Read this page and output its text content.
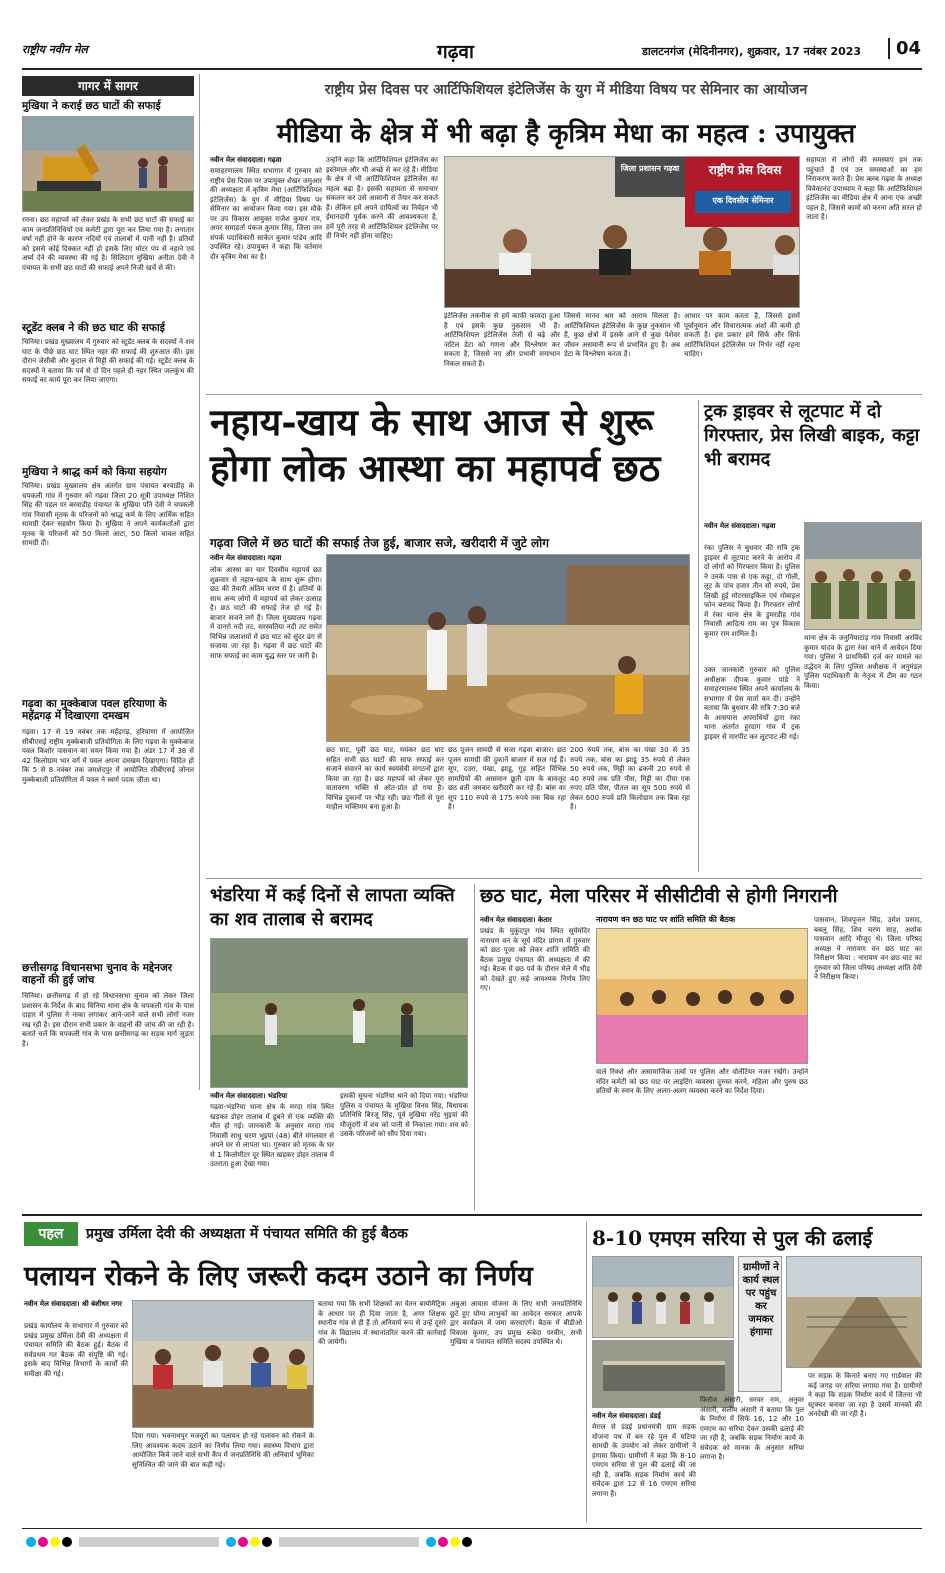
राष्ट्रीय नवीन मेल	गढ़वा	डालटनगंज (मेदिनीनगर), शुक्रवार, 17 नवंबर 2023	04
गागर में सागर
मुखिया ने कराई छठ घाटों की सफाई
रमना। छठ महापर्व को लेकर प्रखंड के सभी छठ घाटों की सफाई का काम जनप्रतिनिधियों एवं कमेटी द्वारा पूरा कर लिया गया है। लगातार वर्षा नहीं होने के कारण नदियों एवं तालाबों में पानी नहीं है। व्रतियों को इससे कोई दिक्कत नहीं हो इसके लिए मोटर पंप से नहाने एवं अर्घ्य देने की व्यवस्था की गई है। सिलिदाग मुखिया अनीता देवी ने पंचायत के सभी छठ घाटों की सफाई अपने निजी खर्चे से की।
स्टूडेंट क्लब ने की छठ घाट की सफाई
चिनिया। प्रखंड मुख्यालय में गुरुवार को स्टूडेंट क्लब के सदस्यों ने शव घाट के पीछे छठ घाट स्थित नहर की सफाई की शुरुआत की। इस दौरान जेसीबी और कुदाल से मिट्टी की सफाई की गई। स्टूडेंट क्लब के सदस्यों ने बताया कि पर्व से दो दिन पहले ही नहर स्थित जलकुंभ की सफाई का कार्य पूरा कर लिया जाएगा।
मुखिया ने श्राद्ध कर्म को किया सहयोग
चिनिया। प्रखंड मुख्यालय क्षेत्र अंतर्गत ग्राम पंचायत बरवाडीह के चपकली गांव में गुरुवार को गढ़वा जिला 20 सूत्री उपाध्यक्ष निशित सिंह की पहल पर बरवाडीह पंचायत के मुखिया पति देवी ने चपकली गांव निवासी मृतक के परिजनों को श्राद्ध कर्म के लिए आर्थिक सहित सामग्री देकर सहयोग किया है। मुखिया ने अपने कार्यकर्ताओं द्वारा मृतक के परिजनों को 50 किलो आटा, 50 किलो चावल सहित सामग्री दी।
गढ़वा का मुक्केबाज पवल हरियाणा के महेंद्रगढ़ में दिखाएगा दमखम
गढ़वा। 17 से 19 नवंबर तक महेंद्रगढ़, हरियाणा में आयोजित सीबीएसई राष्ट्रीय मुक्केबाजी प्रतियोगिता के लिए गढ़वा के मुक्केबाज पवल किशोर पासवान का चयन किया गया है। अंडर 17 में 38 से 42 किलोग्राम भार वर्ग में पवल अपना दमखम दिखाएगा। विदित हो कि 5 से 8 नवंबर तक जमशेदपुर में आयोजित सीबीएसई जोनल मुक्केबाजी प्रतियोगिता में पवल ने स्वर्ण पदक जीता था।
छत्तीसगढ़ विधानसभा चुनाव के मद्देनजर वाहनों की हुई जांच
चिनिया। छत्तीसगढ़ में हो रहे विधानसभा चुनाव को लेकर जिला प्रशासन के निर्देश के बाद चिनिया थाना क्षेत्र के चपकली गांव के पास दाहार में पुलिस ने नाका लगाकर आने-जाने वाले सभी लोगों नजर रख रही है। इस दौरान सभी प्रकार के वाहनों की जांच की जा रही है। बताते चलें कि चपकली गांव के पास छत्तीसगढ़ का सड़क मार्ग जुड़ता है।
राष्ट्रीय प्रेस दिवस पर आर्टिफिशियल इंटेलिजेंस के युग में मीडिया विषय पर सेमिनार का आयोजन
मीडिया के क्षेत्र में भी बढ़ा है कृत्रिम मेधा का महत्व : उपायुक्त
नवीन मेल संवाददाता। गढ़वा
समाहरणालय स्थित सभागार में गुरुवार को राष्ट्रीय प्रेस दिवस पर उपायुक्त शेखर जमुआर की अध्यक्षता में कृत्रिम मेधा (आर्टिफिशियल इंटेलिजेंस) के युग में मीडिया विषय पर सेमिनार का आयोजन किया गया। इस मौके पर उप विकास आयुक्त राजेश कुमार राय, अपर समाहर्ता पंकज कुमार सिंह, जिला जन संपर्क पदाधिकारी साकेत कुमार पांडेय आदि उपस्थित रहे। उपायुक्त ने कहा कि वर्तमान दौर कृत्रिम मेधा का है।
उन्होंने कहा कि आर्टिफिशियल इंटेलिजेंस का इस्तेमाल और भी अच्छे से कर रहे हैं। मीडिया के क्षेत्र में भी आर्टिफिशियल इंटेलिजेंस का महत्व बढ़ा है। इसकी सहायता से समाचार संकलन कर उसे आसानी से तैयार कर सकते हैं। लेकिन हमें अपने दायित्वों का निर्वहन भी ईमानदारी पूर्वक करने की आवश्यकता है, हमें पूरी तरह से आर्टिफिशियल इंटेलिजेंस पर ही निर्भर नहीं होना चाहिए।
राष्ट्रीय प्रेस दिवस
एक दिवसीय सेमिनार
जिला प्रशासन गढ़वा
इंटेलिजेंस तकनीक से हमें काफी फायदा हुआ है एवं इसके कुछ नुकसान भी हैं। आर्टिफिशियल इंटेलिजेंस तेजी से बढ़े और जटिल डेटा को गणना और विश्लेषण कर सकता है, जिससे नए और प्रभावी समाधान निकल सकते हैं।
जिससे मानव श्रम को आराम मिलता है। आर्टिफिशियल इंटेलिजेंस के कुछ नुकसान भी हैं, कुछ क्षेत्रों में इसके आने से कुछ पेशेवर जीवन असमानी रूप से प्रभावित हुए हैं। अब डेटा के विश्लेषण करता है।
आधार पर काम करता है, जिससे इसमें पूर्वानुमान और विचारात्मक अंशों की कमी हो सकती है। इस प्रकार हमें सिर्फ और सिर्फ आर्टिफिशियल इंटेलिजेंस पर निर्भर नहीं रहना चाहिए।
सहायता से लोगों की समस्याएं हम तक पहुंचाते हैं एवं उन समस्याओं का हम निराकरण करते हैं। प्रेस क्लब गढ़वा के अध्यक्ष विवेकानंद उपाध्याय ने कहा कि आर्टिफिशियल इंटेलिजेंस का मीडिया क्षेत्र में आना एक अच्छी पहल है, जिससे कामों को करना अति सरल हो जाता है।
नहाय-खाय के साथ आज से शुरू
होगा लोक आस्था का महापर्व छठ
गढ़वा जिले में छठ घाटों की सफाई तेज हुई, बाजार सजे, खरीदारी में जुटे लोग
नवीन मेल संवाददाता। गढ़वा
लोक आस्था का चार दिवसीय महापर्व छठ शुक्रवार से नहाय-खाय के साथ शुरू होगा। छठ की तैयारी अंतिम चरण में है। व्रतियों के साथ अन्य लोगों में महापर्व को लेकर उत्साह है। छठ घाटों की सफाई तेज हो गई है। बाजार सजने लगे हैं। जिला मुख्यालय गढ़वा में दानरो नदी तट, सरस्वतिया नदी तट समेत विभिन्न जलाशयों में छठ घाट को सुंदर ढंग से सजाया जा रहा है। गढ़वा में छठ घाटों की साफ सफाई का काम युद्ध स्तर पर जारी है।
छठ घाट, पूर्वी छठ घाट, मयंकर छठ घाट सहित सभी छठ घाटों की साफ सफाई कर सजाने संवारने का कार्य स्वयंसेवी संगठनों द्वारा किया जा रहा है। छठ महापर्व को लेकर पूरा वातावरण भक्ति से ओत-प्रोत हो गया है। विभिन्न दुकानों पर भीड़ रही। छठ गीतों से पूरा माहौल भक्तिमय बना हुआ है।
छठ पूजन सामग्री से सजा गढ़वा बाजार। छठ पूजन सामग्री की दुकानें बाजार में सज गई हैं। सूप, दउरा, पंखा, झाडू, गुड़ सहित विभिन्न सामग्रियों की आसमान छूती दाम के बावजूद छठ व्रती जमकर खरीदारी कर रहे हैं। बांस का सूप 110 रुपये से 175 रुपये तक बिक रहा है।
200 रुपये तक, बांस का पंखा 30 से 35 रुपये तक, बांस का झाडू 35 रुपये से लेकर 50 रुपये तक, मिट्टी का ढकनी 20 रुपये से 40 रुपये तक प्रति पीस, मिट्टी का दीया एक रुपए प्रति पीस, पीतल का सूप 500 रुपये से लेकर 600 रुपये प्रति किलोग्राम तक बिक रहा है।
ट्रक ड्राइवर से लूटपाट में दो गिरफ्तार, प्रेस लिखी बाइक, कट्टा भी बरामद
नवीन मेल संवाददाता। गढ़वा
रंका पुलिस ने बुधवार की रात्रि ट्रक ड्राइवर से लूटपाट करने के आरोप में दो लोगों को गिरफ्तार किया है। पुलिस ने उनके पास से एक कट्टा, दो गोली, लूट के पांच हजार तीन सौ रुपये, प्रेस लिखी हुई मोटरसाइकिल एवं मोबाइल फोन बरामद किया है। गिरफ्तार लोगों में रंका थाना क्षेत्र के डुमरडीह गांव निवासी आदित्य राम का पुत्र विकास कुमार राम शामिल है।
उक्त जानकारी गुरुवार को पुलिस अधीक्षक दीपक कुमार पांडे ने समाहरणालय स्थित अपने कार्यालय के सभागार में प्रेस वार्ता कर दी। उन्होंने बताया कि बुधवार की रात्रि 7:30 बजे के आसपास अपराधियों द्वारा रंका थाना अंतर्गत हुरदाग गांव में ट्रक ड्राइवर से मारपीट कर लूटपाट की गई।
थाना क्षेत्र के जनुनियाटांड़ गांव निवासी अरविंद कुमार यादव के द्वारा रंका थाने में आवेदन दिया गया। पुलिस ने प्राथमिकी दर्ज कर मामले का उद्भेदन के लिए पुलिस अधीक्षक ने अनुमंडल पुलिस पदाधिकारी के नेतृत्व में टीम का गठन किया।
भंडरिया में कई दिनों से लापता व्यक्ति का शव तालाब से बरामद
नवीन मेल संवाददाता। भंडरिया
गढ़वा-भंडरिया थाना क्षेत्र के मरदा गांव स्थित खड़कर डोहर तालाब में डूबने से एक व्यक्ति की मौत हो गई। जानकारी के अनुसार मरदा गांव निवासी साधु चरण भुइयां (48) बीते मंगलवार से अपने घर से लापता था। गुरुवार को मृतक के घर से 1 किलोमीटर दूर स्थित खड़कर डोहर तालाब में उतराता हुआ देखा गया।
इसकी सूचना भंडरिया थाने को दिया गया। भंडरिया पुलिस व पंचायत के मुखिया विनय सिंह, विधायक प्रतिनिधि बिरजू सिंह, पूर्व मुखिया नरेंद्र भुइयां की मौजूदगी में शव को पानी से निकाला गया। शव को उसके परिजनों को सौंप दिया गया।
छठ घाट, मेला परिसर में सीसीटीवी से होगी निगरानी
नवीन मेल संवाददाता। केतार
प्रखंड के मुकुंदपुर गांव स्थित सूर्यमंदिर नारायण वन के सूर्य मंदिर प्रांगण में गुरुवार को छठ पूजा को लेकर शांति समिति की बैठक प्रमुख पंचायत की अध्यक्षता में की गई। बैठक में छठ पर्व के दौरान मेले में भीड़ को देखते हुए कई आवश्यक निर्णय लिए गए।
नारायण वन छठ घाट पर शांति समिति की बैठक
वाले रिक्शे और असामाजिक तत्वों पर पुलिस और वोलेंटियर नजर रखेंगे। उन्होंने मंदिर कमेटी को छठ घाट पर लाइटिंग व्यवस्था दुरुस्त करने, महिला और पुरुष छठ व्रतियों के स्नान के लिए अलग-अलग व्यवस्था करने का निर्देश दिया।
पासवान, शिवपूजन सिंह, उमेश प्रसाद, बबलू सिंह, शिव चरण साह, अशोक पासवान आदि मौजूद थे। जिला परिषद अध्यक्ष ने नारायण वन छठ घाट का निरीक्षण किया : नारायण वन छठ घाट का गुरुवार को जिला परिषद अध्यक्षा शांति देवी ने निरीक्षण किया।
पहल	प्रमुख उर्मिला देवी की अध्यक्षता में पंचायत समिति की हुई बैठक
पलायन रोकने के लिए जरूरी कदम उठाने का निर्णय
नवीन मेल संवाददाता। श्री बंशीधर नगर
प्रखंड कार्यालय के सभागार में गुरुवार को प्रखंड प्रमुख उर्मिला देवी की अध्यक्षता में पंचायत समिति की बैठक हुई। बैठक में सर्वप्रथम गत बैठक की संपुष्टि की गई। इसके बाद विभिन्न विभागों के कार्यों की समीक्षा की गई।
दिया गया। भवनाथपुर मजदूरों का पलायन हो रहे पलायन को रोकने के लिए आवश्यक कदम उठाने का निर्णय लिया गया। स्वास्थ्य विभाग द्वारा आयोजित किये जाने वाले सभी कैंप में जनप्रतिनिधि की अनिवार्य भूमिका सुनिश्चित की जाने की बात कही गई।
बताया गया कि सभी शिक्षकों का वेतन बायोमैट्रिक के आधार पर ही दिया जाता है, अगर शिक्षक स्थानीय गांव से ही हैं तो अनिवार्य रूप से उन्हें दूसरे गांव के विद्यालय में स्थानांतरित करने की कार्रवाई की जायेगी।
अबुआ आवास योजना के लिए सभी जनप्रतिनिधि छूटे हुए योग्य लाभुकों का आवेदन सरकार आपके द्वार कार्यक्रम में जमा करवाएंगे। बैठक में बीडीओ विकास कुमार, उप प्रमुख रूबेदा परवीन, सभी मुखिया व पंचायत समिति सदस्य उपस्थित थे।
8-10 एमएम सरिया से पुल की ढलाई
ग्रामीणों ने कार्य स्थल पर पहुंच कर जमकर हंगामा
नवीन मेल संवाददाता। डंडई
मेराल से डंडई प्रधानमंत्री ग्राम सड़क योजना पथ में बन रहे पुल में घटिया सामग्री के उपयोग को लेकर ग्रामीणों ने हंगामा किया। ग्रामीणों ने कहा कि 8-10 एमएम सरिया से पुल की ढलाई की जा रही है, जबकि सड़क निर्माण कार्य की संवेदक द्वारा 12 से 16 एमएम सरिया लगाना है।
फिरोज अंसारी, सरवर राम, अनुवर अंसारी, सलीम अंसारी ने बताया कि पुल के निर्माण में सिर्फ 16, 12 और 10 एमएम का सरिया देकर उसकी ढलाई की जा रही है, जबकि सड़क निर्माण कार्य के संवेदक को मानक के अनुसार सरिया लगाना है।
पर सड़क के किनारे बनाए गए गार्डवाल की कई जगह पर सरिया लगाया गया है। ग्रामीणों ने कहा कि सड़क निर्माण कार्य में जितना भी स्ट्रक्चर बनाया जा रहा है उसमें मानकों की अनदेखी की जा रही है।
